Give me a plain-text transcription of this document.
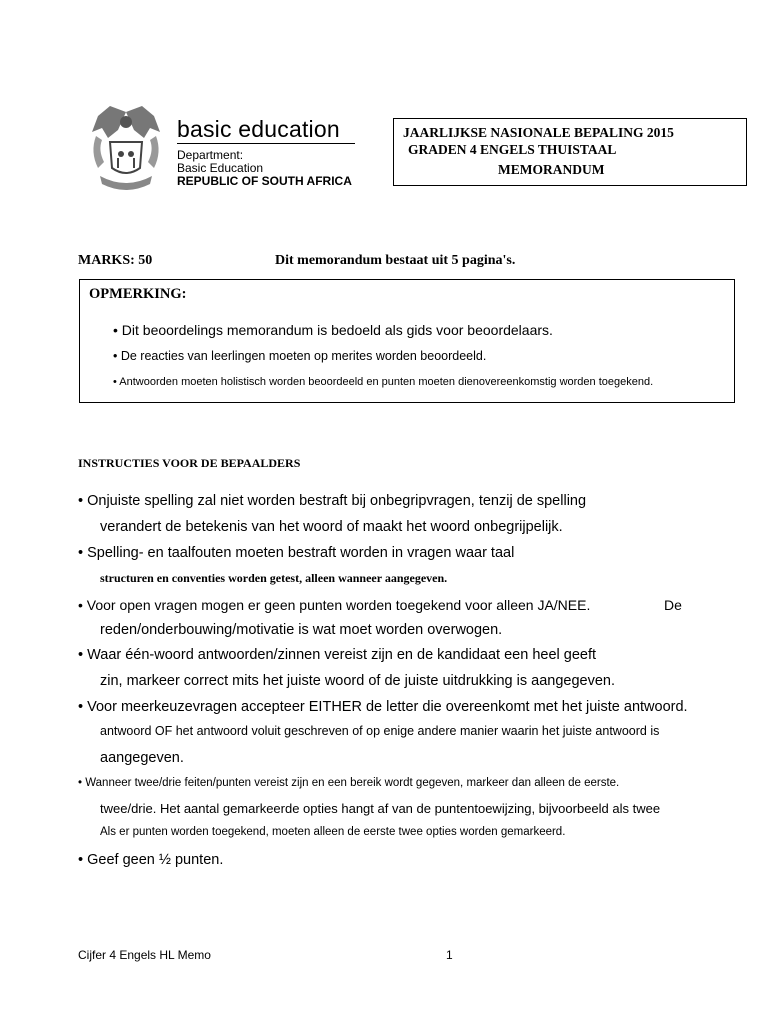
basic education
Department:
Basic Education
REPUBLIC OF SOUTH AFRICA
JAARLIJKSE NASIONALE BEPALING 2015
GRADEN 4 ENGELS THUISTAAL
MEMORANDUM
MARKS: 50	Dit memorandum bestaat uit 5 pagina's.
OPMERKING:
• Dit beoordelings memorandum is bedoeld als gids voor beoordelaars.
• De reacties van leerlingen moeten op merites worden beoordeeld.
• Antwoorden moeten holistisch worden beoordeeld en punten moeten dienovereenkomstig worden toegekend.
INSTRUCTIES VOOR DE BEPAALDERS
• Onjuiste spelling zal niet worden bestraft bij onbegripvragen, tenzij de spelling
verandert de betekenis van het woord of maakt het woord onbegrijpelijk.
• Spelling- en taalfouten moeten bestraft worden in vragen waar taal
structuren en conventies worden getest, alleen wanneer aangegeven.
• Voor open vragen mogen er geen punten worden toegekend voor alleen JA/NEE.	De
reden/onderbouwing/motivatie is wat moet worden overwogen.
• Waar één-woord antwoorden/zinnen vereist zijn en de kandidaat een heel geeft
zin, markeer correct mits het juiste woord of de juiste uitdrukking is aangegeven.
• Voor meerkeuzevragen accepteer EITHER de letter die overeenkomt met het juiste antwoord.
antwoord OF het antwoord voluit geschreven of op enige andere manier waarin het juiste antwoord is
aangegeven.
• Wanneer twee/drie feiten/punten vereist zijn en een bereik wordt gegeven, markeer dan alleen de eerste.
twee/drie. Het aantal gemarkeerde opties hangt af van de puntentoewijzing, bijvoorbeeld als twee
Als er punten worden toegekend, moeten alleen de eerste twee opties worden gemarkeerd.
• Geef geen ½ punten.
Cijfer 4 Engels HL Memo	1
